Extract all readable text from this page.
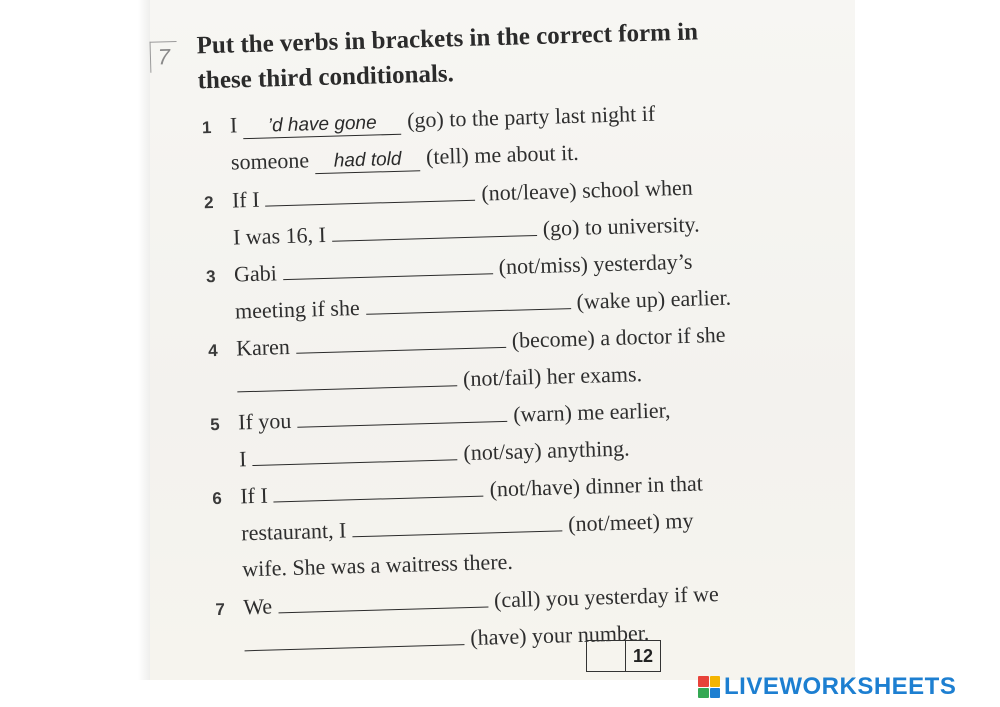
7 Put the verbs in brackets in the correct form in
these third conditionals.
1 I ’d have gone (go) to the party last night if
someone had told (tell) me about it.
2 If I	(not/leave) school when
I was 16, I	(go) to university.
3 Gabi	(not/miss) yesterday’s
meeting if she	(wake up) earlier.
4 Karen	(become) a doctor if she
(not/fail) her exams.
5 If you	(warn) me earlier,
I	(not/say) anything.
6 If I	(not/have) dinner in that
restaurant, I	(not/meet) my
wife. She was a waitress there.
7 We	(call) you yesterday if we
(have) your number.
12
LIVEWORKSHEETS
